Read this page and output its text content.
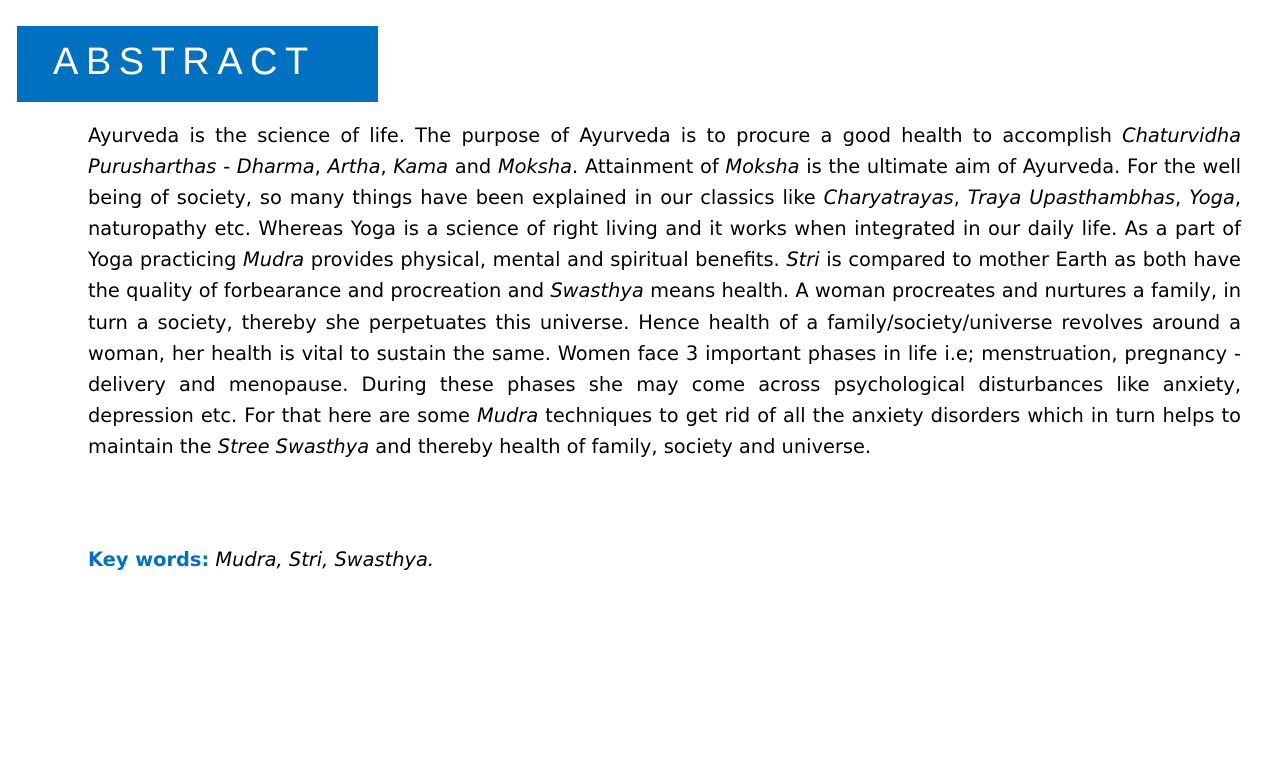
ABSTRACT

Ayurveda is the science of life. The purpose of Ayurveda is to procure a good health to accomplish Chaturvidha Purusharthas - Dharma, Artha, Kama and Moksha. Attainment of Moksha is the ultimate aim of Ayurveda. For the well being of society, so many things have been explained in our classics like Charyatrayas, Traya Upasthambhas, Yoga, naturopathy etc. Whereas Yoga is a science of right living and it works when integrated in our daily life. As a part of Yoga practicing Mudra provides physical, mental and spiritual benefits. Stri is compared to mother Earth as both have the quality of forbearance and procreation and Swasthya means health. A woman procreates and nurtures a family, in turn a society, thereby she perpetuates this universe. Hence health of a family/society/universe revolves around a woman, her health is vital to sustain the same. Women face 3 important phases in life i.e; menstruation, pregnancy - delivery and menopause. During these phases she may come across psychological disturbances like anxiety, depression etc. For that here are some Mudra techniques to get rid of all the anxiety disorders which in turn helps to maintain the Stree Swasthya and thereby health of family, society and universe.

Key words: Mudra, Stri, Swasthya.
